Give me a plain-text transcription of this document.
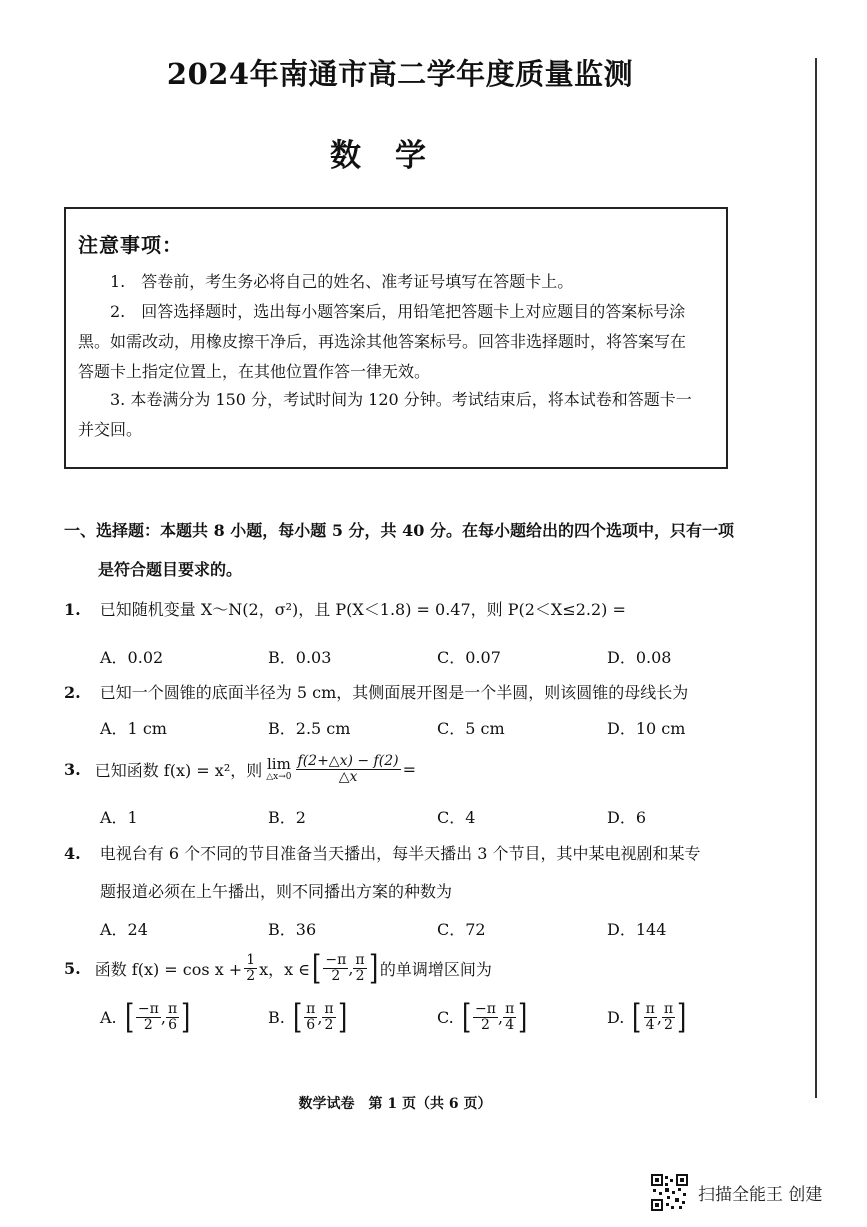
2024年南通市高二学年度质量监测
数学
注意事项：

1.　答卷前，考生务必将自己的姓名、准考证号填写在答题卡上。

2.　回答选择题时，选出每小题答案后，用铅笔把答题卡上对应题目的答案标号涂

黑。如需改动，用橡皮擦干净后，再选涂其他答案标号。回答非选择题时，将答案写在

答题卡上指定位置上，在其他位置作答一律无效。

3. 本卷满分为 150 分，考试时间为 120 分钟。考试结束后，将本试卷和答题卡一

并交回。

一、选择题：本题共 8 小题，每小题 5 分，共 40 分。在每小题给出的四个选项中，只有一项
是符合题目要求的。
1. 已知随机变量 X～N(2，σ²)，且 P(X＜1.8) = 0.47，则 P(2＜X≤2.2) =
A．0.02	B．0.03	C．0.07	D．0.08
2. 已知一个圆锥的底面半径为 5 cm，其侧面展开图是一个半圆，则该圆锥的母线长为
A．1 cm	B．2.5 cm	C．5 cm	D．10 cm
3. 已知函数 f(x) = x²，则 lim
△x→0 $\frac{f(2+\triangle x) - f(2)}{\triangle x}$ =
A．1	B．2	C．4	D．6
4. 电视台有 6 个不同的节目准备当天播出，每半天播出 3 个节目，其中某电视剧和某专
题报道必须在上午播出，则不同播出方案的种数为
A．24	B．36	C．72	D．144
5. 函数 $f(x) = \cos x + \frac{1}{2}$ x，x ∈ [ $\frac{-\pi}{2}$ , $\frac{\pi}{2}$ ] 的单调增区间为
A. [ $\frac{-\pi}{2}$ , $\frac{\pi}{6}$ ]	B. [ $\frac{\pi}{6}$ , $\frac{\pi}{2}$ ]	C. [ $\frac{-\pi}{2}$ , $\frac{\pi}{4}$ ]	D. [ $\frac{\pi}{4}$ , $\frac{\pi}{2}$ ]
数学试卷　第 1 页（共 6 页）
扫描全能王 创建
